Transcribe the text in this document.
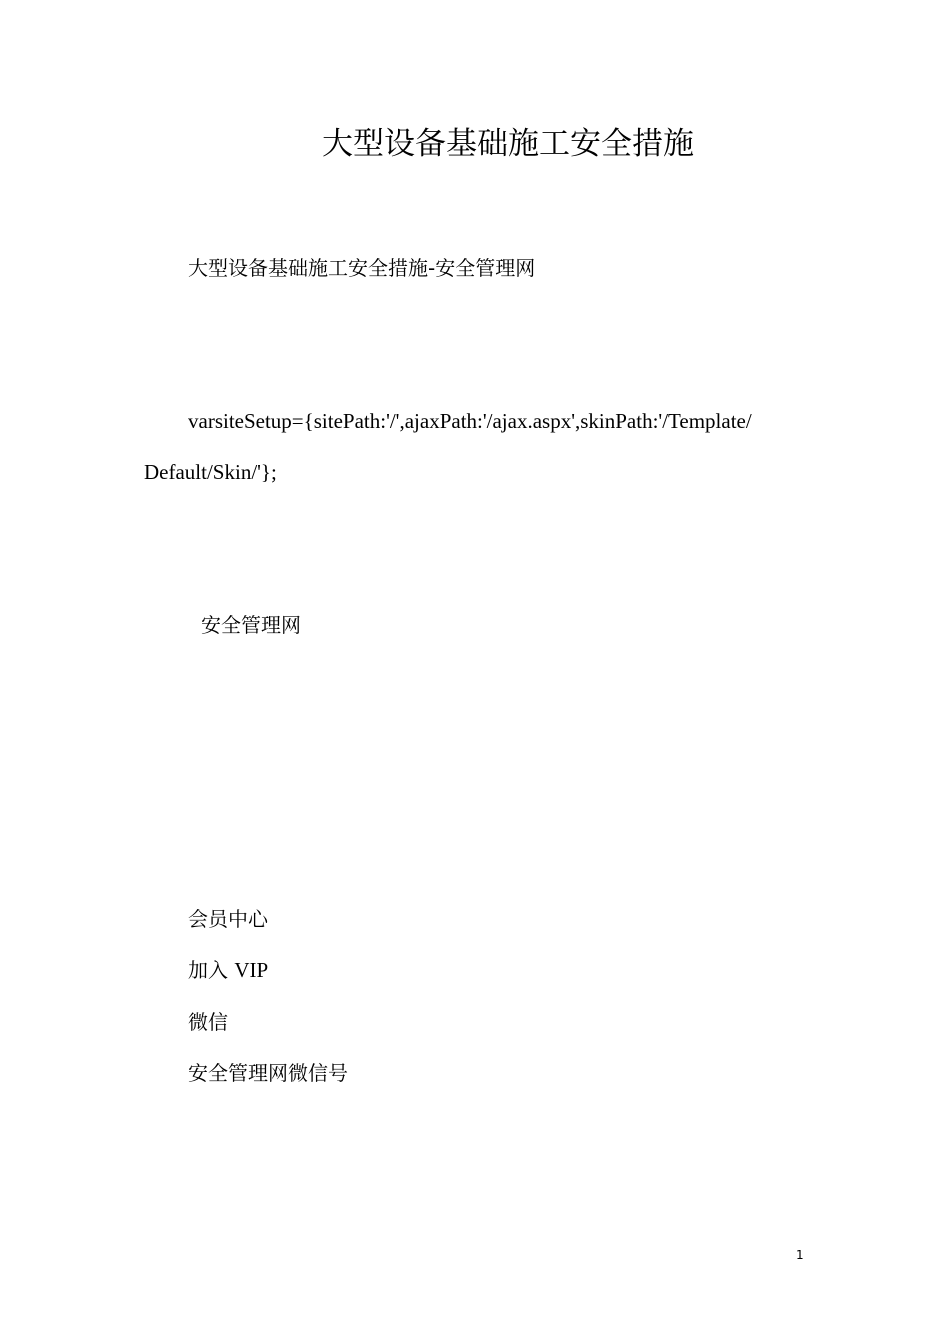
大型设备基础施工安全措施
大型设备基础施工安全措施-安全管理网
varsiteSetup={sitePath:'/',ajaxPath:'/ajax.aspx',skinPath:'/Template/
Default/Skin/'};
安全管理网
会员中心
加入 VIP
微信
安全管理网微信号
1
